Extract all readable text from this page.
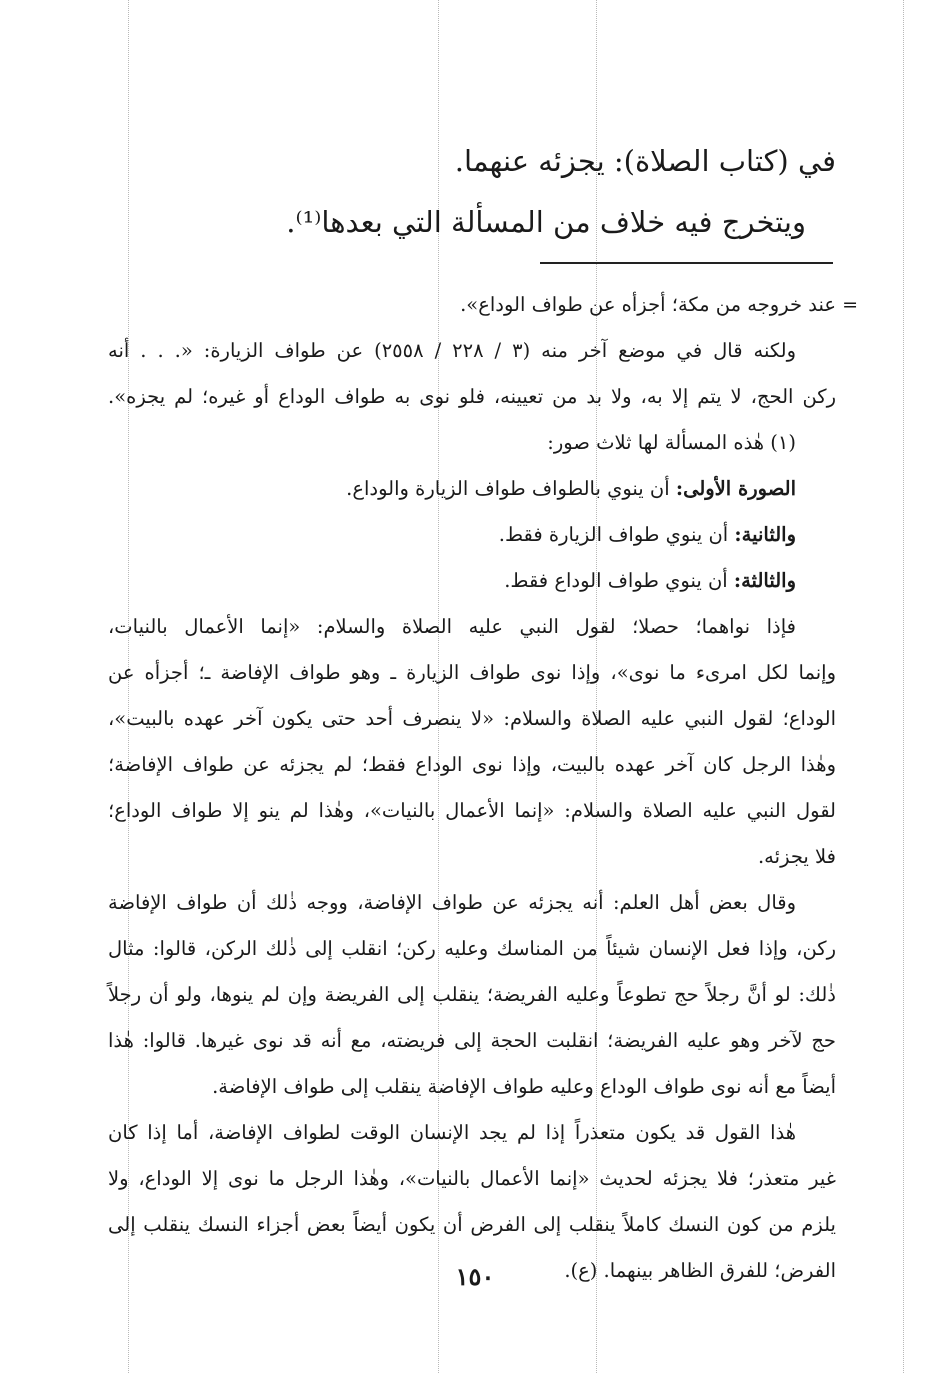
في (كتاب الصلاة): يجزئه عنهما.
ويتخرج فيه خلاف من المسألة التي بعدها⁽¹⁾.
=
عند خروجه من مكة؛ أجزأه عن طواف الوداع».
ولكنه قال في موضع آخر منه (٣ / ٢٢٨ / ٢٥٥٨) عن طواف الزيارة: «. . . أنه
ركن الحج، لا يتم إلا به، ولا بد من تعيينه، فلو نوى به طواف الوداع أو غيره؛ لم يجزه».
(١) هٰذه المسألة لها ثلاث صور:
الصورة الأولى: أن ينوي بالطواف طواف الزيارة والوداع.
والثانية: أن ينوي طواف الزيارة فقط.
والثالثة: أن ينوي طواف الوداع فقط.
فإذا نواهما؛ حصلا؛ لقول النبي عليه الصلاة والسلام: «إنما الأعمال بالنيات،
وإنما لكل امرىء ما نوى»، وإذا نوى طواف الزيارة ـ وهو طواف الإفاضة ـ؛ أجزأه عن
الوداع؛ لقول النبي عليه الصلاة والسلام: «لا ينصرف أحد حتى يكون آخر عهده بالبيت»،
وهٰذا الرجل كان آخر عهده بالبيت، وإذا نوى الوداع فقط؛ لم يجزئه عن طواف الإفاضة؛
لقول النبي عليه الصلاة والسلام: «إنما الأعمال بالنيات»، وهٰذا لم ينو إلا طواف الوداع؛
فلا يجزئه.
وقال بعض أهل العلم: أنه يجزئه عن طواف الإفاضة، ووجه ذٰلك أن طواف الإفاضة
ركن، وإذا فعل الإنسان شيئاً من المناسك وعليه ركن؛ انقلب إلى ذٰلك الركن، قالوا: مثال
ذٰلك: لو أنَّ رجلاً حج تطوعاً وعليه الفريضة؛ ينقلب إلى الفريضة وإن لم ينوها، ولو أن رجلاً
حج لآخر وهو عليه الفريضة؛ انقلبت الحجة إلى فريضته، مع أنه قد نوى غيرها. قالوا: هٰذا
أيضاً مع أنه نوى طواف الوداع وعليه طواف الإفاضة ينقلب إلى طواف الإفاضة.
هٰذا القول قد يكون متعذراً إذا لم يجد الإنسان الوقت لطواف الإفاضة، أما إذا كان
غير متعذر؛ فلا يجزئه لحديث «إنما الأعمال بالنيات»، وهٰذا الرجل ما نوى إلا الوداع، ولا
يلزم من كون النسك كاملاً ينقلب إلى الفرض أن يكون أيضاً بعض أجزاء النسك ينقلب إلى
الفرض؛ للفرق الظاهر بينهما. (ع).
١٥٠
